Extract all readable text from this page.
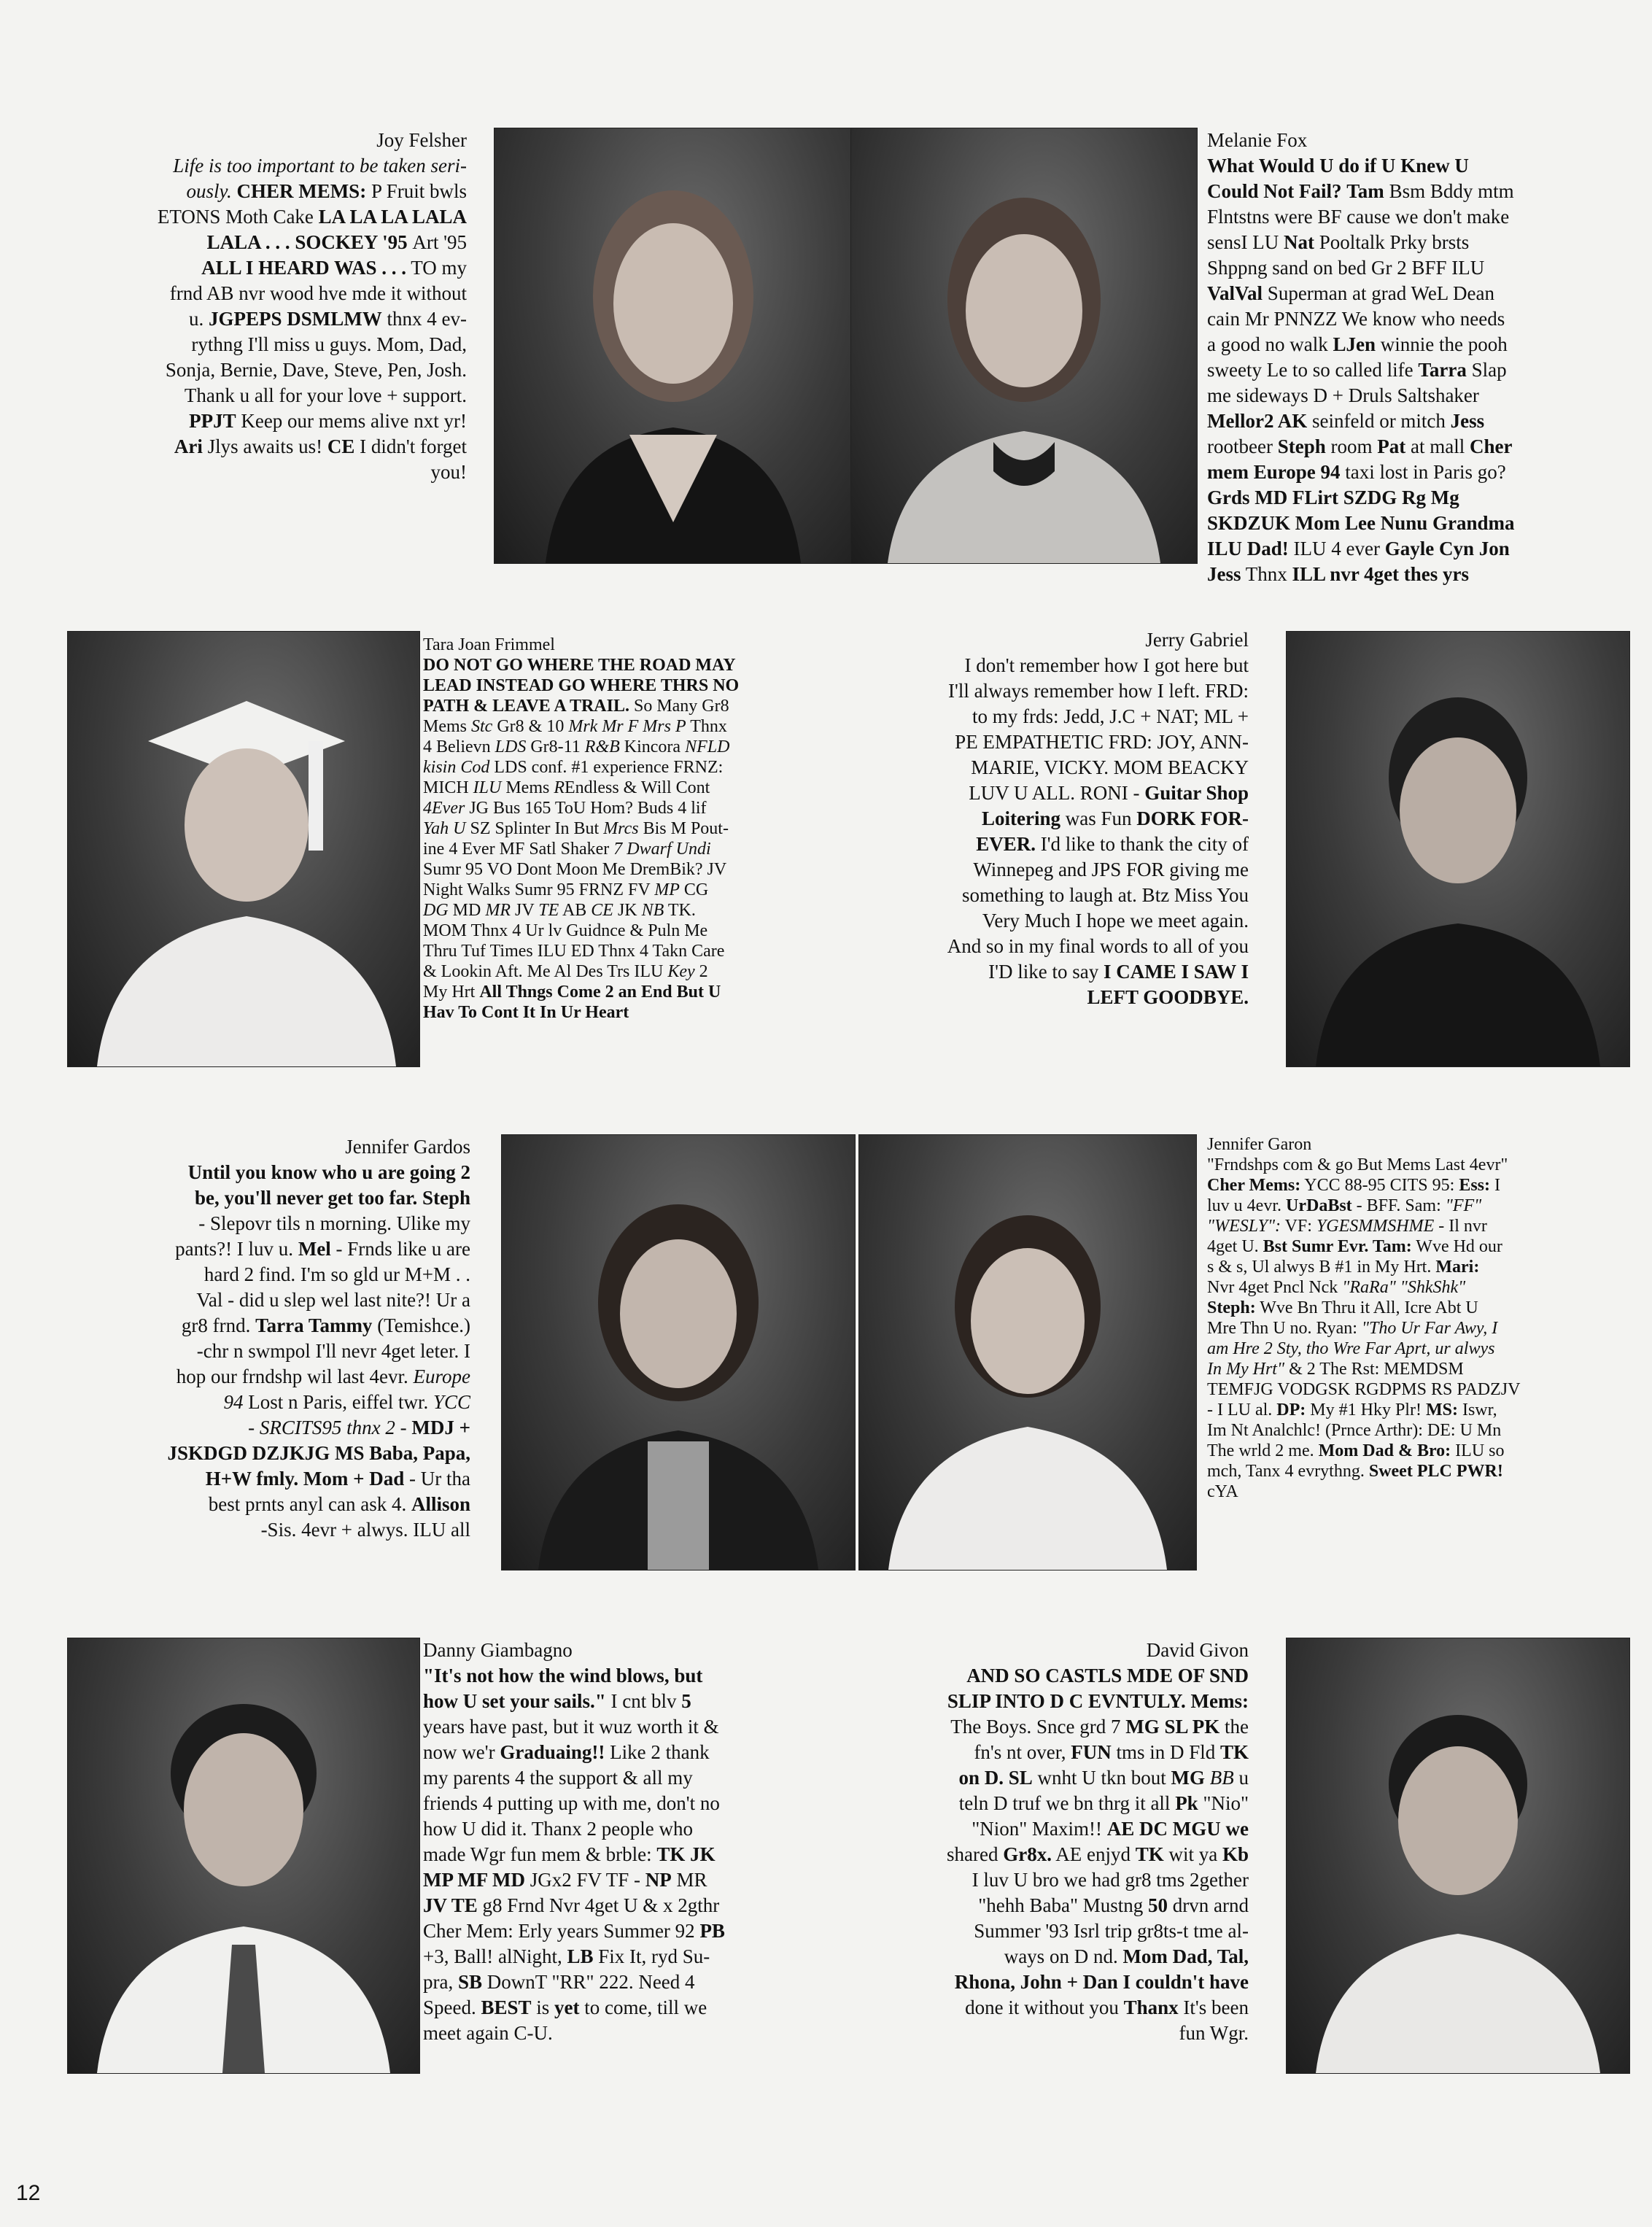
Joy Felsher

Life is too important to be taken seri-

ously. CHER MEMS: P Fruit bwls

ETONS Moth Cake LA LA LA LALA

LALA . . . SOCKEY '95 Art '95

ALL I HEARD WAS . . . TO my

frnd AB nvr wood hve mde it without

u. JGPEPS DSMLMW thnx 4 ev-

rythng I'll miss u guys. Mom, Dad,

Sonja, Bernie, Dave, Steve, Pen, Josh.

Thank u all for your love + support.

PPJT Keep our mems alive nxt yr!

Ari Jlys awaits us! CE I didn't forget

you!

Melanie Fox

What Would U do if U Knew U

Could Not Fail? Tam Bsm Bddy mtm

Flntstns were BF cause we don't make

sensI LU Nat Pooltalk Prky brsts

Shppng sand on bed Gr 2 BFF ILU

ValVal Superman at grad WeL Dean

cain Mr PNNZZ We know who needs

a good no walk LJen winnie the pooh

sweety Le to so called life Tarra Slap

me sideways D + Druls Saltshaker

Mellor2 AK seinfeld or mitch Jess

rootbeer Steph room Pat at mall Cher

mem Europe 94 taxi lost in Paris go?

Grds MD FLirt SZDG Rg Mg

SKDZUK Mom Lee Nunu Grandma

ILU Dad! ILU 4 ever Gayle Cyn Jon

Jess Thnx ILL nvr 4get thes yrs

Tara Joan Frimmel

DO NOT GO WHERE THE ROAD MAY

LEAD INSTEAD GO WHERE THRS NO

PATH & LEAVE A TRAIL. So Many Gr8

Mems Stc Gr8 & 10 Mrk Mr F Mrs P Thnx

4 Believn LDS Gr8-11 R&B Kincora NFLD

kisin Cod LDS conf. #1 experience FRNZ:

MICH ILU Mems REndless & Will Cont

4Ever JG Bus 165 ToU Hom? Buds 4 lif

Yah U SZ Splinter In But Mrcs Bis M Pout-

ine 4 Ever MF Satl Shaker 7 Dwarf Undi

Sumr 95 VO Dont Moon Me DremBik? JV

Night Walks Sumr 95 FRNZ FV MP CG

DG MD MR JV TE AB CE JK NB TK.

MOM Thnx 4 Ur lv Guidnce & Puln Me

Thru Tuf Times ILU ED Thnx 4 Takn Care

& Lookin Aft. Me Al Des Trs ILU Key 2

My Hrt All Thngs Come 2 an End But U

Hav To Cont It In Ur Heart

Jerry Gabriel

I don't remember how I got here but

I'll always remember how I left. FRD:

to my frds: Jedd, J.C + NAT; ML +

PE EMPATHETIC FRD: JOY, ANN-

MARIE, VICKY. MOM BEACKY

LUV U ALL. RONI - Guitar Shop

Loitering was Fun DORK FOR-

EVER. I'd like to thank the city of

Winnepeg and JPS FOR giving me

something to laugh at. Btz Miss You

Very Much I hope we meet again.

And so in my final words to all of you

I'D like to say I CAME I SAW I

LEFT GOODBYE.

Jennifer Gardos

Until you know who u are going 2

be, you'll never get too far. Steph

- Slepovr tils n morning. Ulike my

pants?! I luv u. Mel - Frnds like u are

hard 2 find. I'm so gld ur M+M . .

Val - did u slep wel last nite?! Ur a

gr8 frnd. Tarra Tammy (Temishce.)

-chr n swmpol I'll nevr 4get leter. I

hop our frndshp wil last 4evr. Europe

94 Lost n Paris, eiffel twr. YCC

- SRCITS95 thnx 2 - MDJ +

JSKDGD DZJKJG MS Baba, Papa,

H+W fmly. Mom + Dad - Ur tha

best prnts anyl can ask 4. Allison

-Sis. 4evr + alwys. ILU all

Jennifer Garon

"Frndshps com & go But Mems Last 4evr"

Cher Mems: YCC 88-95 CITS 95: Ess: I

luv u 4evr. UrDaBst - BFF. Sam: "FF"

"WESLY": VF: YGESMMSHME - Il nvr

4get U. Bst Sumr Evr. Tam: Wve Hd our

s & s, Ul alwys B #1 in My Hrt. Mari:

Nvr 4get Pncl Nck "RaRa" "ShkShk"

Steph: Wve Bn Thru it All, Icre Abt U

Mre Thn U no. Ryan: "Tho Ur Far Awy, I

am Hre 2 Sty, tho Wre Far Aprt, ur alwys

In My Hrt" & 2 The Rst: MEMDSM

TEMFJG VODGSK RGDPMS RS PADZJV

- I LU al. DP: My #1 Hky Plr! MS: Iswr,

Im Nt Analchlc! (Prnce Arthr): DE: U Mn

The wrld 2 me. Mom Dad & Bro: ILU so

mch, Tanx 4 evrythng. Sweet PLC PWR!

cYA

Danny Giambagno

"It's not how the wind blows, but

how U set your sails." I cnt blv 5

years have past, but it wuz worth it &

now we'r Graduaing!! Like 2 thank

my parents 4 the support & all my

friends 4 putting up with me, don't no

how U did it. Thanx 2 people who

made Wgr fun mem & brble: TK JK

MP MF MD JGx2 FV TF - NP MR

JV TE g8 Frnd Nvr 4get U & x 2gthr

Cher Mem: Erly years Summer 92 PB

+3, Ball! alNight, LB Fix It, ryd Su-

pra, SB DownT "RR" 222. Need 4

Speed. BEST is yet to come, till we

meet again C-U.

David Givon

AND SO CASTLS MDE OF SND

SLIP INTO D C EVNTULY. Mems:

The Boys. Snce grd 7 MG SL PK the

fn's nt over, FUN tms in D Fld TK

on D. SL wnht U tkn bout MG BB u

teln D truf we bn thrg it all Pk "Nio"

"Nion" Maxim!! AE DC MGU we

shared Gr8x. AE enjyd TK wit ya Kb

I luv U bro we had gr8 tms 2gether

"hehh Baba" Mustng 50 drvn arnd

Summer '93 Isrl trip gr8ts-t tme al-

ways on D nd. Mom Dad, Tal,

Rhona, John + Dan I couldn't have

done it without you Thanx It's been

fun Wgr.

12
